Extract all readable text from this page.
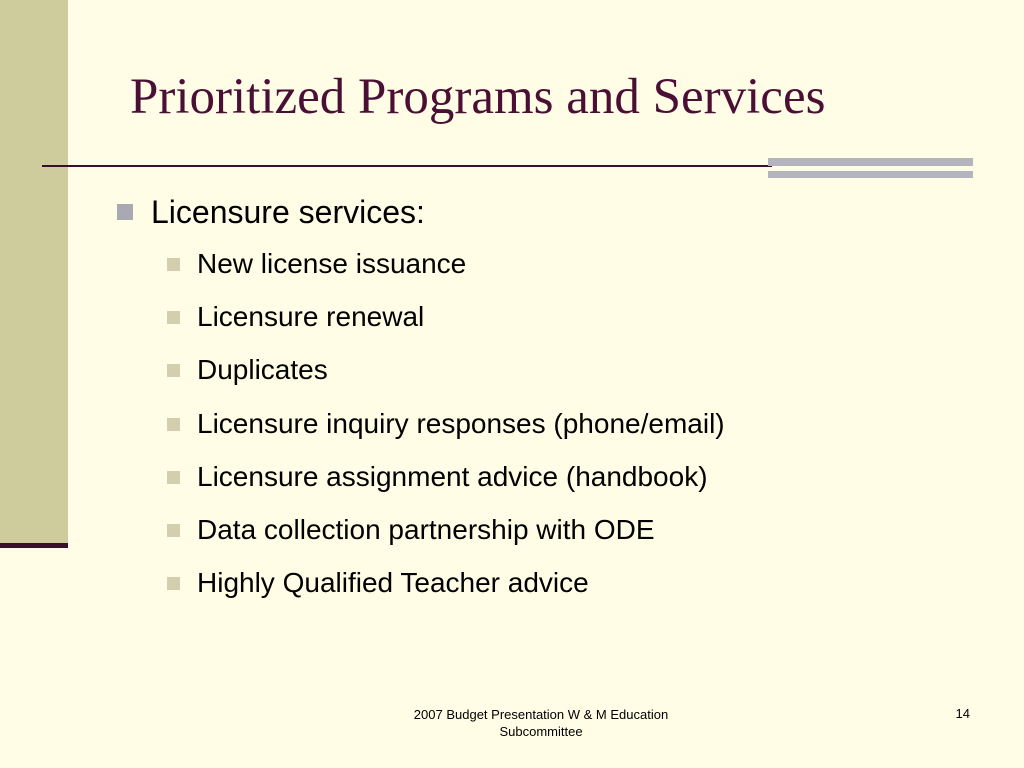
Prioritized Programs and Services
Licensure services:
New license issuance
Licensure renewal
Duplicates
Licensure inquiry responses (phone/email)
Licensure assignment advice (handbook)
Data collection partnership with ODE
Highly Qualified Teacher advice
2007 Budget Presentation W & M Education
Subcommittee
14
